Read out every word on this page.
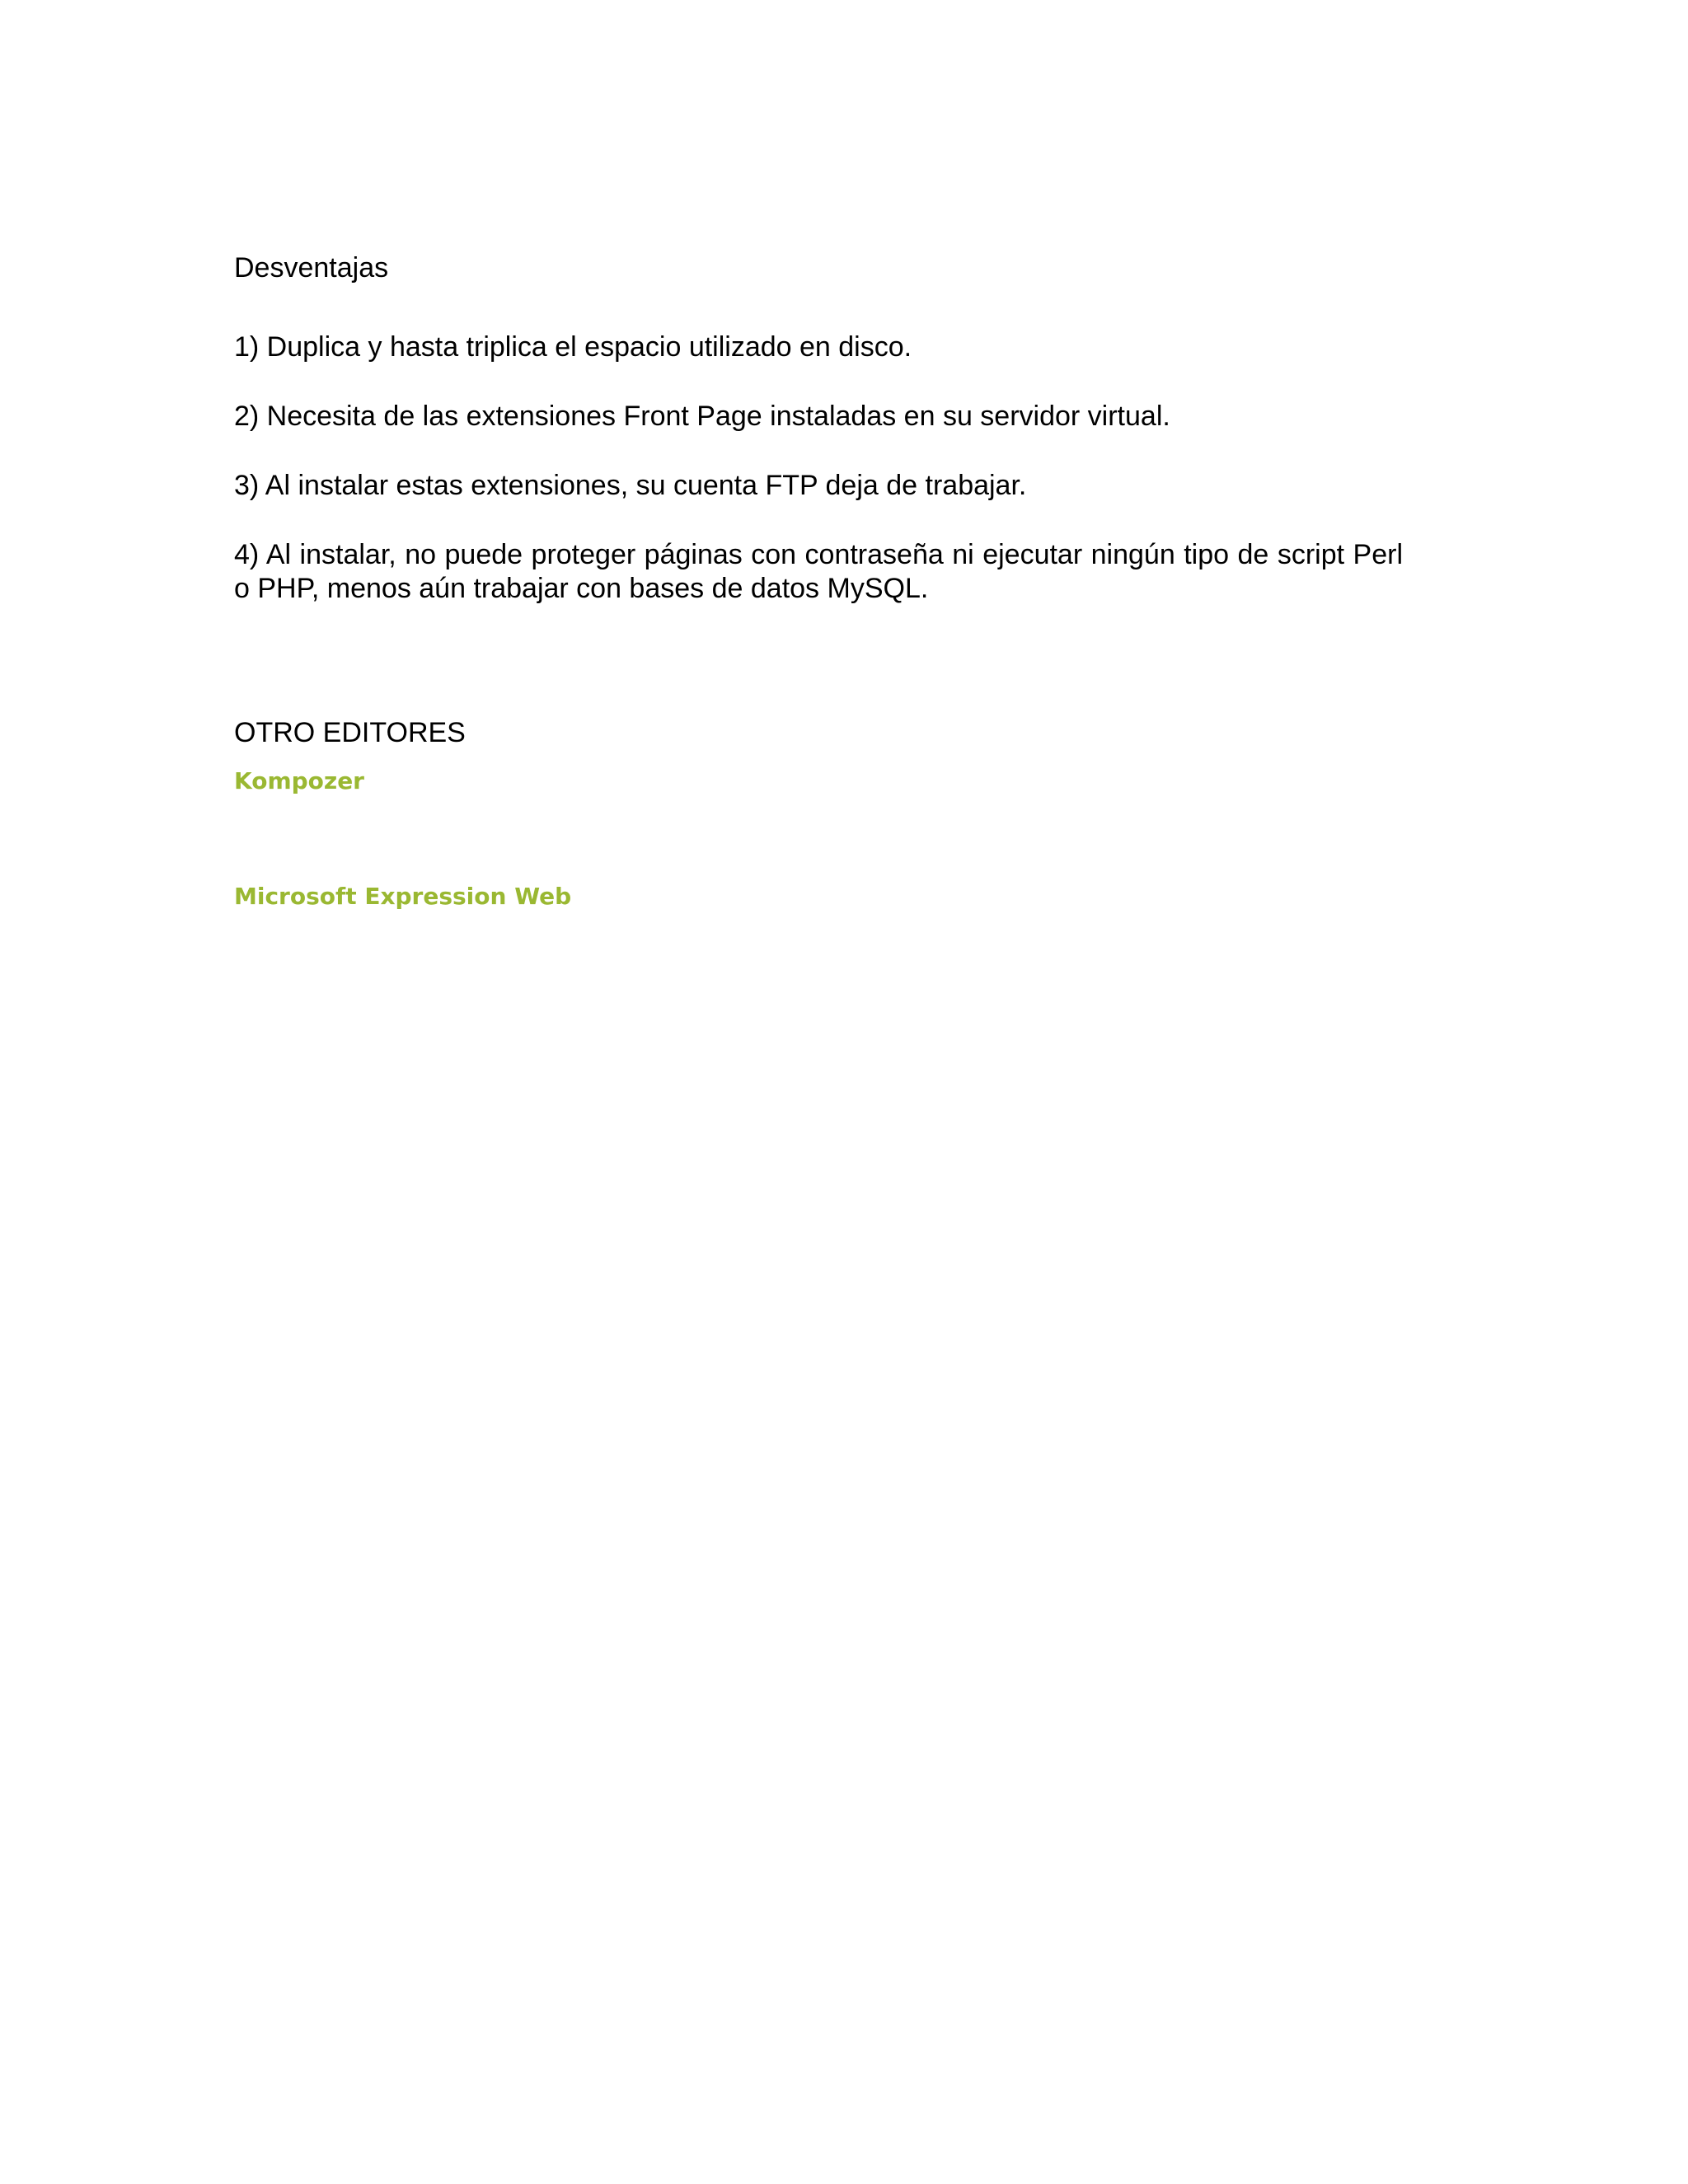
Desventajas
1) Duplica y hasta triplica el espacio utilizado en disco.
2) Necesita de las extensiones Front Page instaladas en su servidor virtual.
3) Al instalar estas extensiones, su cuenta FTP deja de trabajar.
4) Al instalar, no puede proteger páginas con contraseña ni ejecutar ningún tipo de script Perl o PHP, menos aún trabajar con bases de datos MySQL.
OTRO EDITORES
Kompozer
Microsoft Expression Web
